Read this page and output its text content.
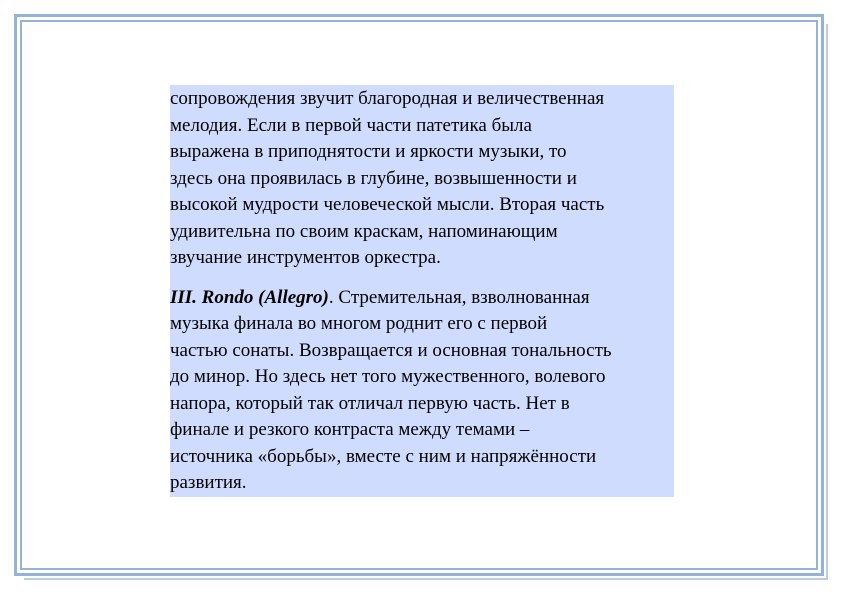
сопровождения звучит благородная и величественная
мелодия. Если в первой части патетика была
выражена в приподнятости и яркости музыки, то
здесь она проявилась в глубине, возвышенности и
высокой мудрости человеческой мысли. Вторая часть
удивительна по своим краскам, напоминающим
звучание инструментов оркестра.

III. Rondo (Allegro). Стремительная, взволнованная
музыка финала во многом роднит его с первой
частью сонаты. Возвращается и основная тональность
до минор. Но здесь нет того мужественного, волевого
напора, который так отличал первую часть. Нет в
финале и резкого контраста между темами –
источника «борьбы», вместе с ним и напряжённости
развития.
